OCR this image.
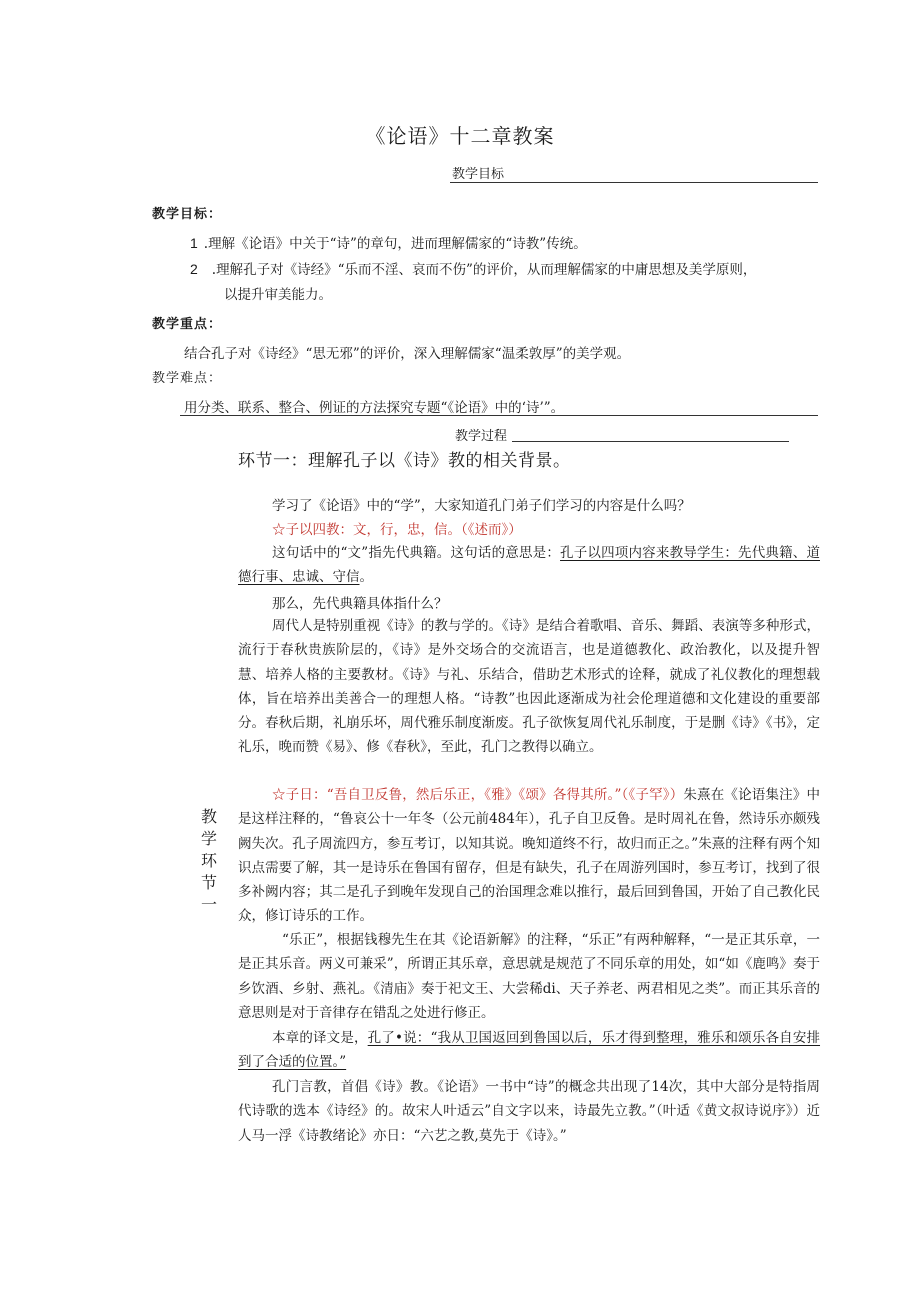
《论语》十二章教案
教学目标
教学目标：
1 .理解《论语》中关于“诗”的章句，进而理解儒家的“诗教”传统。
2 .理解孔子对《诗经》“乐而不淫、哀而不伤”的评价，从而理解儒家的中庸思想及美学原则，
以提升审美能力。
教学重点：
结合孔子对《诗经》“思无邪”的评价，深入理解儒家“温柔敦厚”的美学观。
教学难点：
用分类、联系、整合、例证的方法探究专题“《论语》中的‘诗’”。
教学过程
环节一：理解孔子以《诗》教的相关背景。
教
学
环
节
一
学习了《论语》中的“学”，大家知道孔门弟子们学习的内容是什么吗？
☆子以四教：文，行，忠，信。（《述而》）
这句话中的“文”指先代典籍。这句话的意思是：孔子以四项内容来教导学生：先代典籍、道德行事、忠诚、守信。
那么，先代典籍具体指什么？
周代人是特别重视《诗》的教与学的。《诗》是结合着歌唱、音乐、舞蹈、表演等多种形式，流行于春秋贵族阶层的，《诗》是外交场合的交流语言，也是道德教化、政治教化，以及提升智慧、培养人格的主要教材。《诗》与礼、乐结合，借助艺术形式的诠释，就成了礼仪教化的理想载体，旨在培养出美善合一的理想人格。“诗教”也因此逐渐成为社会伦理道德和文化建设的重要部分。春秋后期，礼崩乐坏，周代雅乐制度渐废。孔子欲恢复周代礼乐制度，于是删《诗》《书》，定礼乐，晚而赞《易》、修《春秋》，至此，孔门之教得以确立。
☆子日：“吾自卫反鲁，然后乐正，《雅》《颂》各得其所。”（《子罕》）朱熹在《论语集注》中是这样注释的，“鲁哀公十一年冬（公元前484年），孔子自卫反鲁。是时周礼在鲁，然诗乐亦颇残阙失次。孔子周流四方，参互考订，以知其说。晚知道终不行，故归而正之。”朱熹的注释有两个知识点需要了解，其一是诗乐在鲁国有留存，但是有缺失，孔子在周游列国时，参互考订，找到了很多补阙内容；其二是孔子到晚年发现自己的治国理念难以推行，最后回到鲁国，开始了自己教化民众，修订诗乐的工作。
“乐正”，根据钱穆先生在其《论语新解》的注释，“乐正”有两种解释，“一是正其乐章，一是正其乐音。两义可兼采”，所谓正其乐章，意思就是规范了不同乐章的用处，如“如《鹿鸣》奏于乡饮酒、乡射、燕礼。《清庙》奏于祀文王、大尝稀di、天子养老、两君相见之类”。而正其乐音的意思则是对于音律存在错乱之处进行修正。
本章的译文是，孔了•说：“我从卫国返回到鲁国以后，乐才得到整理，雅乐和颂乐各自安排到了合适的位置。”
孔门言教，首倡《诗》教。《论语》一书中“诗”的概念共出现了14次，其中大部分是特指周代诗歌的选本《诗经》的。故宋人叶适云”自文字以来，诗最先立教。”（叶适《黄文叔诗说序》）近人马一浮《诗教绪论》亦日：“六艺之教,莫先于《诗》。”
